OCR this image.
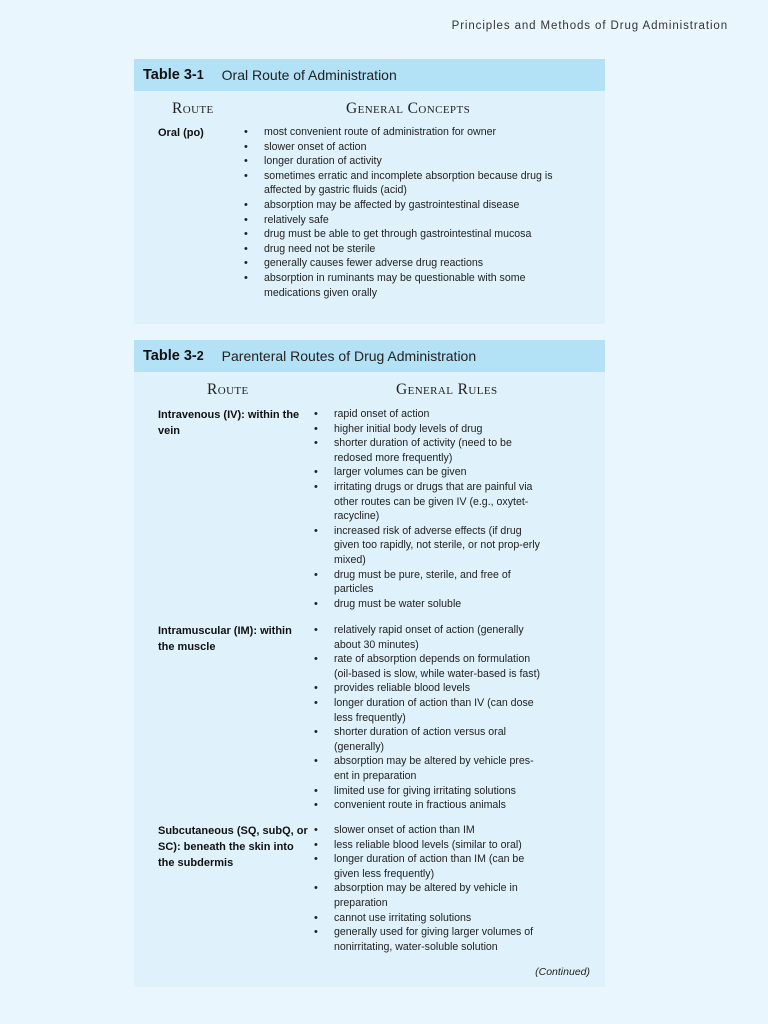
Principles and Methods of Drug Administration
Table 3-1 Oral Route of Administration
Route	General Concepts
Oral (po)
•	most convenient route of administration for owner
• slower onset of action
• longer duration of activity
• sometimes erratic and incomplete absorption because drug is affected by gastric fluids (acid)
• absorption may be affected by gastrointestinal disease
• relatively safe
• drug must be able to get through gastrointestinal mucosa
• drug need not be sterile
• generally causes fewer adverse drug reactions
• absorption in ruminants may be questionable with some medications given orally
Table 3-2 Parenteral Routes of Drug Administration
Route	General Rules
Intravenous (IV): within the vein
• rapid onset of action
• higher initial body levels of drug
• shorter duration of activity (need to be redosed more frequently)
• larger volumes can be given
• irritating drugs or drugs that are painful via other routes can be given IV (e.g., oxytet-racycline)
• increased risk of adverse effects (if drug given too rapidly, not sterile, or not prop-erly mixed)
• drug must be pure, sterile, and free of particles
• drug must be water soluble
Intramuscular (IM): within the muscle
• relatively rapid onset of action (generally about 30 minutes)
• rate of absorption depends on formulation (oil-based is slow, while water-based is fast)
• provides reliable blood levels
• longer duration of action than IV (can dose less frequently)
• shorter duration of action versus oral (generally)
• absorption may be altered by vehicle pres-ent in preparation
• limited use for giving irritating solutions
• convenient route in fractious animals
Subcutaneous (SQ, subQ, or SC): beneath the skin into the subdermis
• slower onset of action than IM
• less reliable blood levels (similar to oral)
• longer duration of action than IM (can be given less frequently)
• absorption may be altered by vehicle in preparation
• cannot use irritating solutions
• generally used for giving larger volumes of nonirritating, water-soluble solution
(Continued)
